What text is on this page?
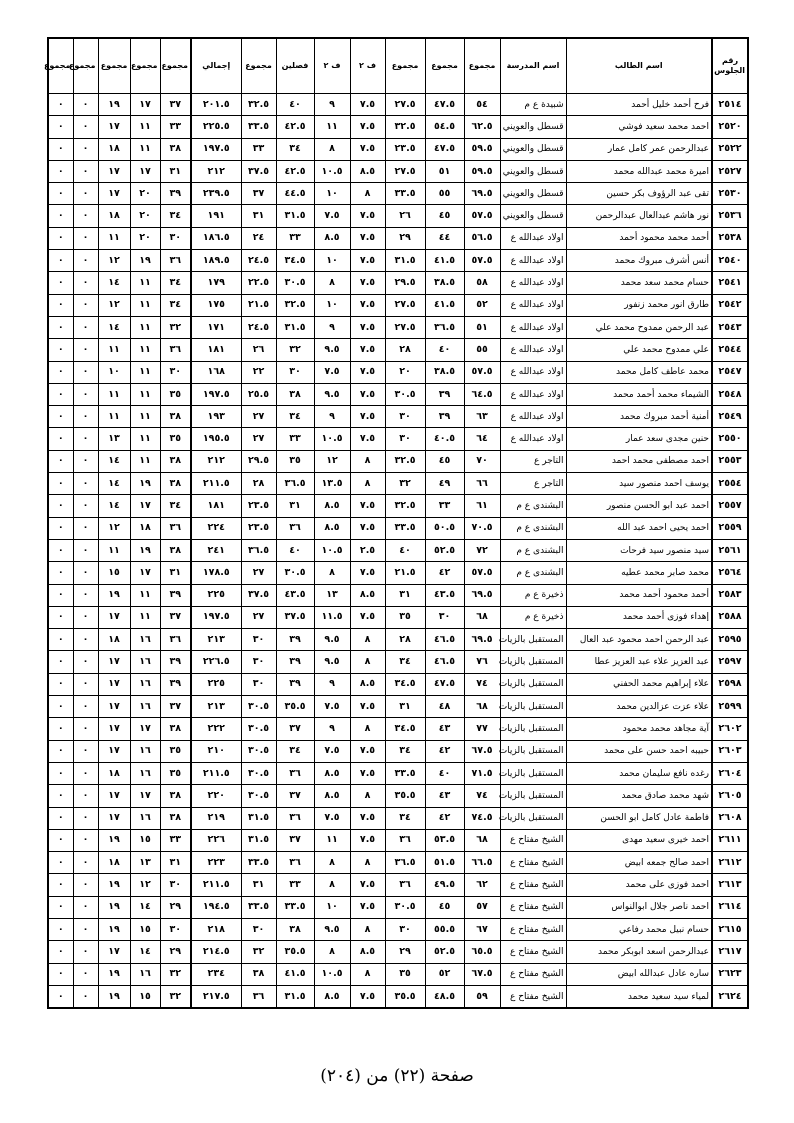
رقم الجلوس	اسم الطالب	اسم المدرسة	مجموع	مجموع	مجموع	ف ٢	ف ٢	فصلين	مجموع	إجمالي	مجموع	مجموع	مجموع	مجموع	مجموع
٢٥١٤	فرح أحمد خليل أحمد	شبيدة ع م	٥٤	٤٧.٥	٢٧.٥	٧.٥	٩	٤٠	٣٢.٥	٢٠١.٥	٣٧	١٧	١٩	٠	٠
٢٥٢٠	احمد محمد سعيد فوشي	قسطل والعويني	٦٢.٥	٥٤.٥	٣٢.٥	٧.٥	١١	٤٢.٥	٣٣.٥	٢٢٥.٥	٣٣	١١	١٧	٠	٠
٢٥٢٢	عبدالرحمن عمر كامل عمار	قسطل والعويني	٥٩.٥	٤٧.٥	٢٣.٥	٧.٥	٨	٣٤	٣٣	١٩٧.٥	٣٨	١١	١٨	٠	٠
٢٥٢٧	اميرة محمد عبدالله محمد	قسطل والعويني	٥٩.٥	٥١	٢٧.٥	٨.٥	١٠.٥	٤٢.٥	٣٧.٥	٢١٢	٣١	١٧	١٧	٠	٠
٢٥٣٠	تقى عبد الرؤوف بكر حسين	قسطل والعويني	٦٩.٥	٥٥	٣٣.٥	٨	١٠	٤٤.٥	٣٧	٢٣٩.٥	٣٩	٢٠	١٧	٠	٠
٢٥٣٦	نور هاشم عبدالعال عبدالرحمن	قسطل والعويني	٥٧.٥	٤٥	٢٦	٧.٥	٧.٥	٣١.٥	٣١	١٩١	٣٤	٢٠	١٨	٠	٠
٢٥٣٨	أحمد محمد محمود أحمد	اولاد عبدالله ع	٥٦.٥	٤٤	٢٩	٧.٥	٨.٥	٣٣	٢٤	١٨٦.٥	٣٠	٢٠	١١	٠	٠
٢٥٤٠	أنس أشرف مبروك محمد	اولاد عبدالله ع	٥٧.٥	٤١.٥	٣١.٥	٧.٥	١٠	٣٤.٥	٢٤.٥	١٨٩.٥	٣٦	١٩	١٢	٠	٠
٢٥٤١	حسام محمد سعد محمد	اولاد عبدالله ع	٥٨	٣٨.٥	٢٩.٥	٧.٥	٨	٣٠.٥	٢٢.٥	١٧٩	٣٤	١١	١٤	٠	٠
٢٥٤٢	طارق انور محمد زنفور	اولاد عبدالله ع	٥٢	٤١.٥	٢٧.٥	٧.٥	١٠	٣٢.٥	٢١.٥	١٧٥	٣٤	١١	١٢	٠	٠
٢٥٤٣	عبد الرحمن ممدوح محمد علي	اولاد عبدالله ع	٥١	٣٦.٥	٢٧.٥	٧.٥	٩	٣١.٥	٢٤.٥	١٧١	٣٢	١١	١٤	٠	٠
٢٥٤٤	علي ممدوح محمد علي	اولاد عبدالله ع	٥٥	٤٠	٢٨	٧.٥	٩.٥	٣٢	٢٦	١٨١	٣٦	١١	١١	٠	٠
٢٥٤٧	محمد عاطف كامل محمد	اولاد عبدالله ع	٥٧.٥	٣٨.٥	٢٠	٧.٥	٧.٥	٣٠	٢٢	١٦٨	٣٠	١١	١٠	٠	٠
٢٥٤٨	الشيماء محمد أحمد محمد	اولاد عبدالله ع	٦٤.٥	٣٩	٣٠.٥	٧.٥	٩.٥	٣٨	٢٥.٥	١٩٧.٥	٣٥	١١	١١	٠	٠
٢٥٤٩	أمنية أحمد مبروك محمد	اولاد عبدالله ع	٦٣	٣٩	٣٠	٧.٥	٩	٣٤	٢٧	١٩٣	٣٨	١١	١١	٠	٠
٢٥٥٠	حنين مجدى سعد عمار	اولاد عبدالله ع	٦٤	٤٠.٥	٣٠	٧.٥	١٠.٥	٣٣	٢٧	١٩٥.٥	٣٥	١١	١٣	٠	٠
٢٥٥٣	احمد مصطفى محمد احمد	التاجر ع	٧٠	٤٥	٣٢.٥	٨	١٢	٣٥	٢٩.٥	٢١٢	٣٨	١١	١٤	٠	٠
٢٥٥٤	يوسف احمد منصور سيد	التاجر ع	٦٦	٤٩	٣٢	٨	١٣.٥	٣٦.٥	٢٨	٢١١.٥	٣٨	١٩	١٤	٠	٠
٢٥٥٧	احمد عبد ابو الحسن منصور	البشندى ع م	٦١	٣٣	٣٢.٥	٧.٥	٨.٥	٣١	٢٣.٥	١٨١	٣٤	١٧	١٤	٠	٠
٢٥٥٩	احمد يحيى احمد عبد الله	البشندى ع م	٧٠.٥	٥٠.٥	٣٣.٥	٧.٥	٨.٥	٣٦	٢٣.٥	٢٢٤	٣٦	١٨	١٢	٠	٠
٢٥٦١	سيد منصور سيد فرحات	البشندى ع م	٧٢	٥٢.٥	٤٠	٢.٥	١٠.٥	٤٠	٣٦.٥	٢٤١	٣٨	١٩	١١	٠	٠
٢٥٦٤	محمد صابر محمد عطيه	البشندى ع م	٥٧.٥	٤٢	٢١.٥	٧.٥	٨	٣٠.٥	٢٧	١٧٨.٥	٣١	١٧	١٥	٠	٠
٢٥٨٣	أحمد محمود أحمد محمد	ذخيرة ع م	٦٩.٥	٤٣.٥	٣١	٨.٥	١٣	٤٣.٥	٣٧.٥	٢٢٥	٣٩	١١	١٩	٠	٠
٢٥٨٨	إهداء فوزى أحمد محمد	ذخيرة ع م	٦٨	٣٠	٣٥	٧.٥	١١.٥	٣٧.٥	٢٧	١٩٧.٥	٣٧	١١	١٧	٠	٠
٢٥٩٥	عبد الرحمن احمد محمود عبد العال	المستقبل بالزيات	٦٩.٥	٤٦.٥	٢٨	٨	٩.٥	٣٩	٣٠	٢١٣	٣٦	١٦	١٨	٠	٠
٢٥٩٧	عبد العزيز علاء عبد العزيز عطا	المستقبل بالزيات	٧٦	٤٦.٥	٣٤	٨	٩.٥	٣٩	٣٠	٢٢٦.٥	٣٩	١٦	١٧	٠	٠
٢٥٩٨	علاء إبراهيم محمد الحفني	المستقبل بالزيات	٧٤	٤٧.٥	٣٤.٥	٨.٥	٩	٣٩	٣٠	٢٢٥	٣٩	١٦	١٧	٠	٠
٢٥٩٩	علاء عزت عزالدين محمد	المستقبل بالزيات	٦٨	٤٨	٣١	٧.٥	٧.٥	٣٥.٥	٣٠.٥	٢١٣	٣٧	١٦	١٧	٠	٠
٢٦٠٢	آية مجاهد محمد محمود	المستقبل بالزيات	٧٧	٤٣	٣٤.٥	٨	٩	٣٧	٣٠.٥	٢٢٢	٣٨	١٧	١٧	٠	٠
٢٦٠٣	حبيبه احمد حسن على محمد	المستقبل بالزيات	٦٧.٥	٤٢	٣٤	٧.٥	٧.٥	٣٤	٣٠.٥	٢١٠	٣٥	١٦	١٧	٠	٠
٢٦٠٤	رغده نافع سليمان محمد	المستقبل بالزيات	٧١.٥	٤٠	٣٣.٥	٧.٥	٨.٥	٣٦	٣٠.٥	٢١١.٥	٣٥	١٦	١٨	٠	٠
٢٦٠٥	شهد محمد صادق محمد	المستقبل بالزيات	٧٤	٤٣	٣٥.٥	٨	٨.٥	٣٧	٣٠.٥	٢٢٠	٣٨	١٧	١٧	٠	٠
٢٦٠٨	فاطمة عادل كامل ابو الحسن	المستقبل بالزيات	٧٤.٥	٤٢	٣٤	٧.٥	٧.٥	٣٦	٣١.٥	٢١٩	٣٨	١٦	١٧	٠	٠
٢٦١١	احمد خيرى سعيد مهدى	الشيخ مفتاح ع	٦٨	٥٣.٥	٣٦	٧.٥	١١	٣٧	٣١.٥	٢٢٦	٣٣	١٥	١٩	٠	٠
٢٦١٢	احمد صالح جمعه ابيض	الشيخ مفتاح ع	٦٦.٥	٥١.٥	٣٦.٥	٨	٨	٣٦	٣٣.٥	٢٢٣	٣١	١٣	١٨	٠	٠
٢٦١٣	احمد فوزى على محمد	الشيخ مفتاح ع	٦٢	٤٩.٥	٣٦	٧.٥	٨	٣٣	٣١	٢١١.٥	٣٠	١٢	١٩	٠	٠
٢٦١٤	احمد ناصر جلال ابوالنواس	الشيخ مفتاح ع	٥٧	٤٥	٣٠.٥	٧.٥	١٠	٣٣.٥	٣٣.٥	١٩٤.٥	٢٩	١٤	١٩	٠	٠
٢٦١٥	حسام نبيل محمد رفاعي	الشيخ مفتاح ع	٦٧	٥٥.٥	٣٠	٨	٩.٥	٣٨	٣٠	٢١٨	٣٠	١٥	١٩	٠	٠
٢٦١٧	عبدالرحمن اسعد ابوبكر محمد	الشيخ مفتاح ع	٦٥.٥	٥٢.٥	٢٩	٨.٥	٨	٣٥.٥	٣٢	٢١٤.٥	٢٩	١٤	١٧	٠	٠
٢٦٢٣	ساره عادل عبدالله ابيض	الشيخ مفتاح ع	٦٧.٥	٥٢	٣٥	٨	١٠.٥	٤١.٥	٣٨	٢٣٤	٣٢	١٦	١٩	٠	٠
٢٦٢٤	لمياء سيد سعيد محمد	الشيخ مفتاح ع	٥٩	٤٨.٥	٣٥.٥	٧.٥	٨.٥	٣١.٥	٣٦	٢١٧.٥	٣٢	١٥	١٩	٠	٠
صفحة (٢٢) من (٢٠٤)
